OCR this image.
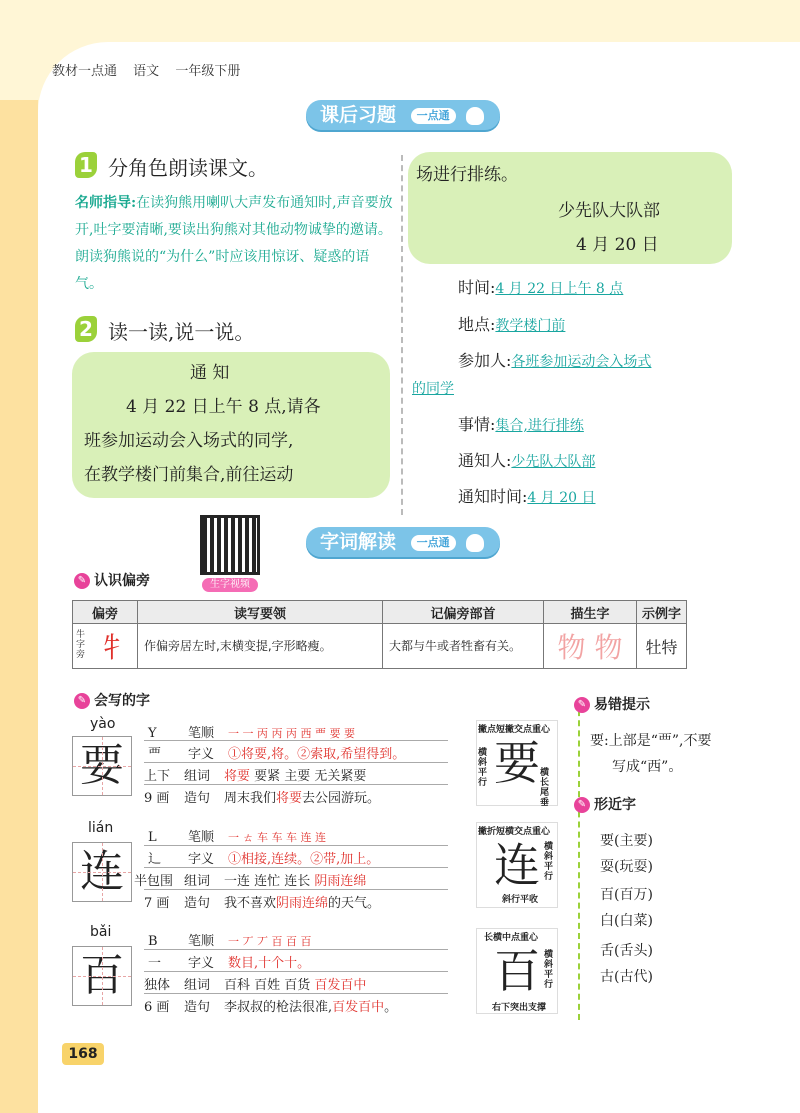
教材一点通 语文 一年级下册
课后习题 一点通
1 分角色朗读课文。
名师指导:在读狗熊用喇叭大声发布通知时,声音要放开,吐字要清晰,要读出狗熊对其他动物诚挚的邀请。朗读狗熊说的“为什么”时应该用惊讶、疑惑的语气。
2 读一读,说一说。
通 知
4 月 22 日上午 8 点,请各
班参加运动会入场式的同学,
在教学楼门前集合,前往运动
场进行排练。
少先队大队部
4 月 20 日
时间:4 月 22 日上午 8 点
地点:教学楼门前
参加人:各班参加运动会入场式
的同学
事情:集合,进行排练
通知人:少先队大队部
通知时间:4 月 20 日
生字视频
字词解读 一点通
✎ 认识偏旁
偏旁	读写要领	记偏旁部首	描生字	示例字

牛字旁 牜	作偏旁居左时,末横变提,字形略瘦。	大都与牛或者牲畜有关。	物 物	牡特
✎ 会写的字
yào
要
Y 笔顺 一 一 丙 丙 丙 西 覀 要 要
覀 字义 ①将要,将。②索取,希望得到。
上下 组词 将要 要紧 主要 无关紧要
9 画 造句 周末我们将要去公园游玩。
要
撇点短撇交点重心
横斜平行
横长尾垂
lián
连
L 笔顺 一 ㄊ 车 车 车 连 连
辶 字义 ①相接,连续。②带,加上。
半包围 组词 一连 连忙 连长 阴雨连绵
7 画 造句 我不喜欢阴雨连绵的天气。
连
撇折短横交点重心
横斜平行
斜行平收
bǎi
百
B 笔顺 一 丆 丆 百 百 百
一 字义 数目,十个十。
独体 组词 百科 百姓 百货 百发百中
6 画 造句 李叔叔的枪法很准,百发百中。
百
长横中点重心
横斜平行
右下突出支撑
✎ 易错提示
要:上部是“覀”,不要
写成“西”。
✎ 形近字
要(主要)
耍(玩耍)
百(百万)
白(白菜)
舌(舌头)
古(古代)
168
